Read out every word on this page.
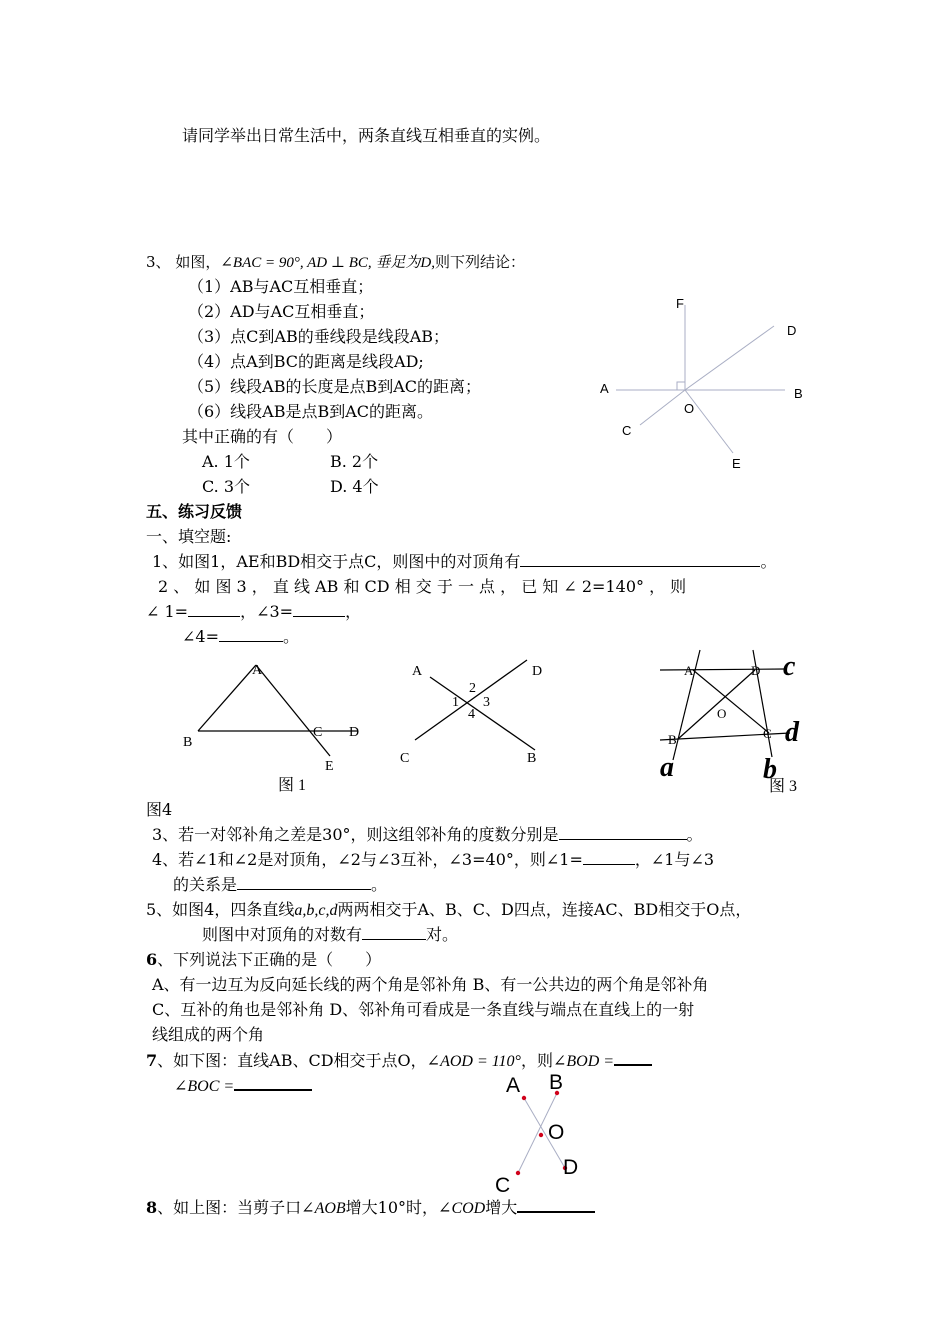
请同学举出日常生活中，两条直线互相垂直的实例。
3、 如图，∠BAC = 90°, AD ⊥ BC, 垂足为D,则下列结论：
（1）AB与AC互相垂直；
（2）AD与AC互相垂直；
（3）点C到AB的垂线段是线段AB；
（4）点A到BC的距离是线段AD;
（5）线段AB的长度是点B到AC的距离；
（6）线段AB是点B到AC的距离。
其中正确的有（　　）
A. 1个	B. 2个
C. 3个	D. 4个
F
D
A	B
O
C
E
五、练习反馈
一、填空题:
1、如图1，AE和BD相交于点C，则图中的对顶角有	。
2 、 如 图 3 ， 直 线 AB 和 CD 相 交 于 一 点 ， 已 知 ∠ 2=140° ， 则
∠ 1=	，∠3=	，
∠4=	。
A
B
C D
E
图 1
A	D
C	B
1
2
3
4
A	D
O
B	C
a	b
c
d
图 3
图4
3、若一对邻补角之差是30°，则这组邻补角的度数分别是	。
4、若∠1和∠2是对顶角，∠2与∠3互补，∠3=40°，则∠1=	，∠1与∠3
的关系是	。
5、如图4，四条直线a,b,c,d两两相交于A、B、C、D四点，连接AC、BD相交于O点，
则图中对顶角的对数有	对。
6、下列说法下正确的是（　　）
A、有一边互为反向延长线的两个角是邻补角 B、有一公共边的两个角是邻补角
C、互补的角也是邻补角 D、邻补角可看成是一条直线与端点在直线上的一射
线组成的两个角
7、如下图：直线AB、CD相交于点O，∠AOD = 110°，则∠BOD =
∠BOC =	A B
O
C
D
8、如上图：当剪子口∠AOB增大10°时，∠COD增大
